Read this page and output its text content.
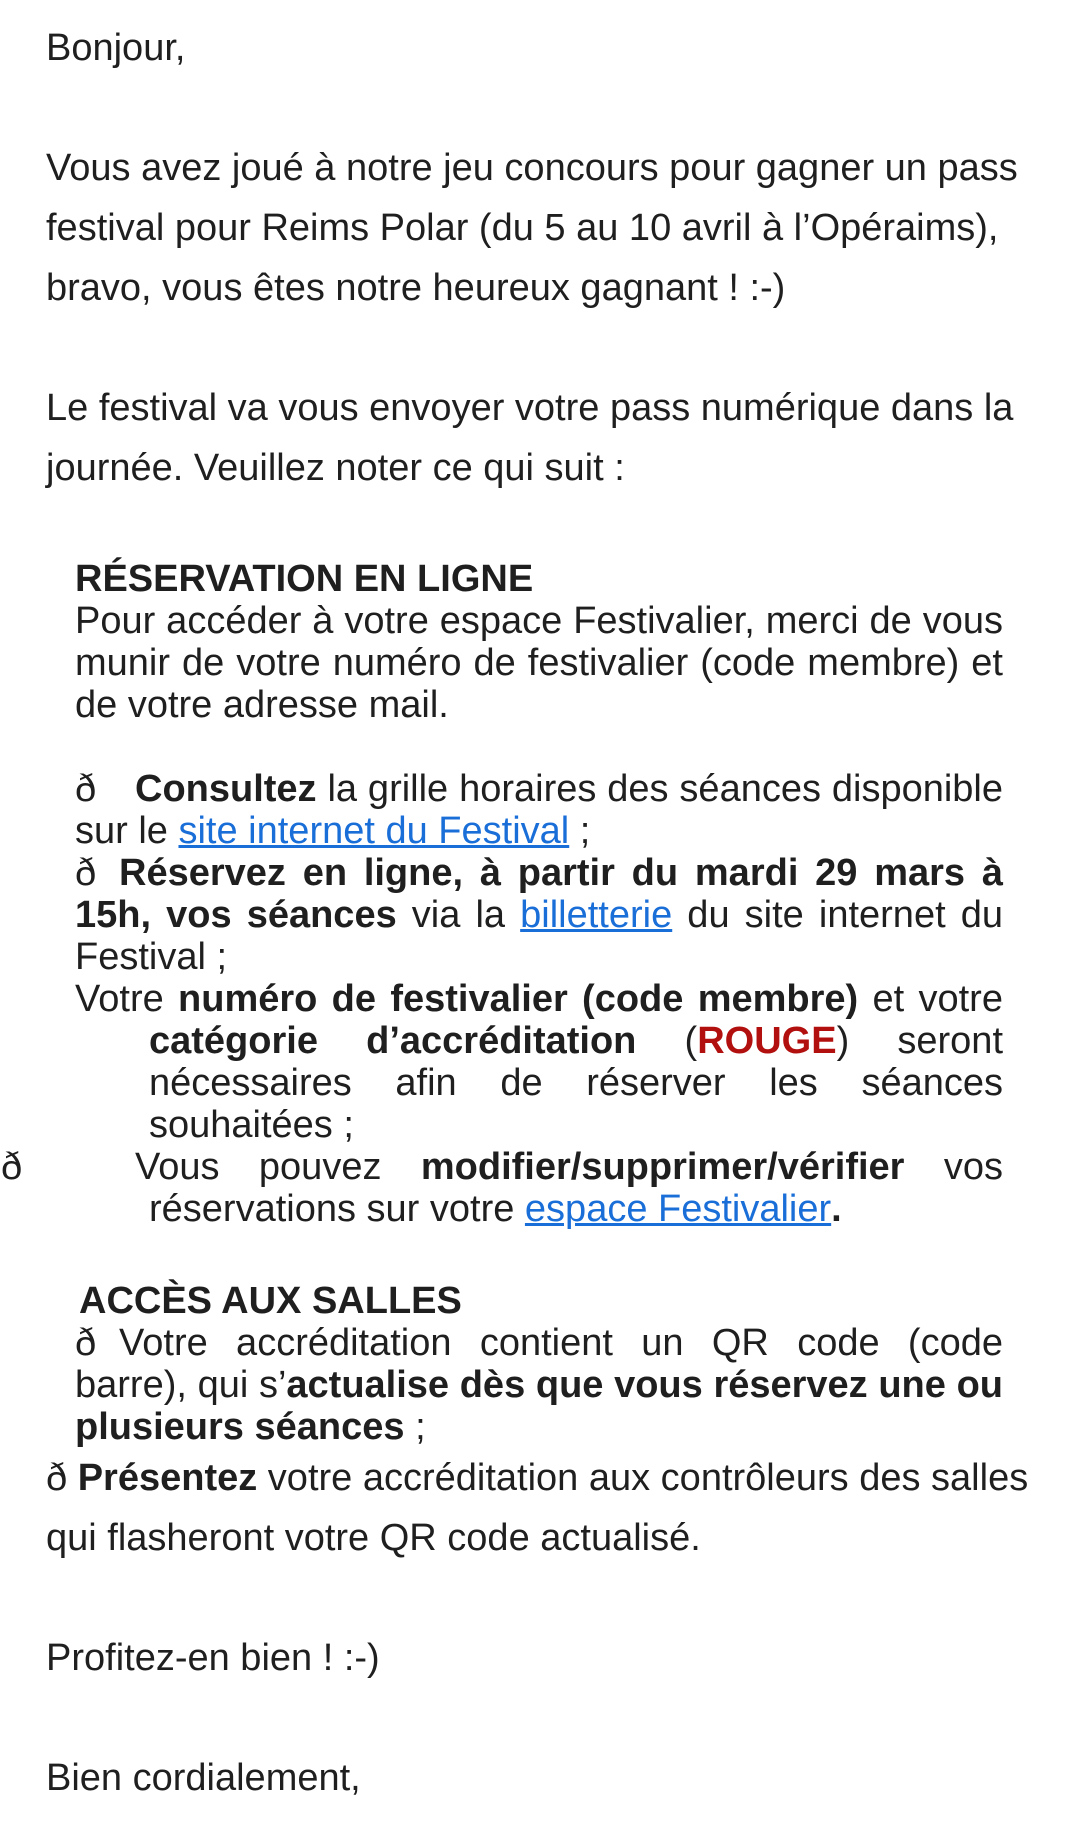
Bonjour,

Vous avez joué à notre jeu concours pour gagner un pass festival pour Reims Polar (du 5 au 10 avril à l’Opéraims), bravo, vous êtes notre heureux gagnant ! :-)

Le festival va vous envoyer votre pass numérique dans la journée. Veuillez noter ce qui suit :

RÉSERVATION EN LIGNE

Pour accéder à votre espace Festivalier, merci de vous munir de votre numéro de festivalier (code membre) et de votre adresse mail.

ð Consultez la grille horaires des séances disponible sur le site internet du Festival ;

ð Réservez en ligne, à partir du mardi 29 mars à 15h, vos séances via la billetterie du site internet du Festival ;

Votre numéro de festivalier (code membre) et votre catégorie d’accréditation (ROUGE) seront nécessaires afin de réserver les séances souhaitées ;

ð	Vous pouvez modifier/supprimer/vérifier vos réservations sur votre espace Festivalier.

ACCÈS AUX SALLES

ð Votre accréditation contient un QR code (code barre), qui s’actualise dès que vous réservez une ou plusieurs séances ;

ð Présentez votre accréditation aux contrôleurs des salles qui flasheront votre QR code actualisé.

Profitez-en bien ! :-)

Bien cordialement,
